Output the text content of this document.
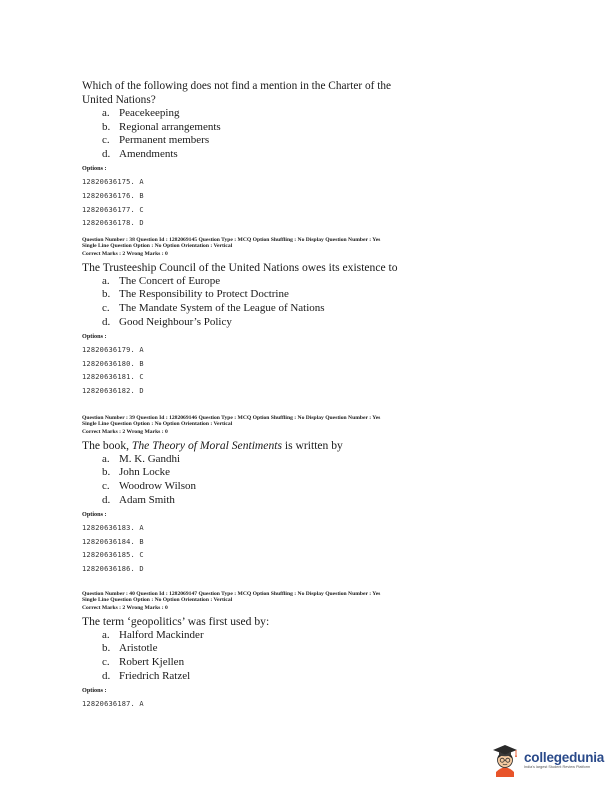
Which of the following does not find a mention in the Charter of the

United Nations?

a. Peacekeeping
b. Regional arrangements
c. Permanent members
d. Amendments
Options :
12820636175. A
12820636176. B
12820636177. C
12820636178. D

Question Number : 38 Question Id : 1282069145 Question Type : MCQ Option Shuffling : No Display Question Number : Yes

Single Line Question Option : No Option Orientation : Vertical

Correct Marks : 2 Wrong Marks : 0

The Trusteeship Council of the United Nations owes its existence to

a. The Concert of Europe
b. The Responsibility to Protect Doctrine
c. The Mandate System of the League of Nations
d. Good Neighbour’s Policy
Options :
12820636179. A
12820636180. B
12820636181. C
12820636182. D

Question Number : 39 Question Id : 1282069146 Question Type : MCQ Option Shuffling : No Display Question Number : Yes

Single Line Question Option : No Option Orientation : Vertical

Correct Marks : 2 Wrong Marks : 0

The book, The Theory of Moral Sentiments is written by

a. M. K. Gandhi
b. John Locke
c. Woodrow Wilson
d. Adam Smith
Options :
12820636183. A
12820636184. B
12820636185. C
12820636186. D

Question Number : 40 Question Id : 1282069147 Question Type : MCQ Option Shuffling : No Display Question Number : Yes

Single Line Question Option : No Option Orientation : Vertical

Correct Marks : 2 Wrong Marks : 0

The term ‘geopolitics’ was first used by:

a. Halford Mackinder
b. Aristotle
c. Robert Kjellen
d. Friedrich Ratzel
Options :
12820636187. A
collegedunia
India's largest Student Review Platform
